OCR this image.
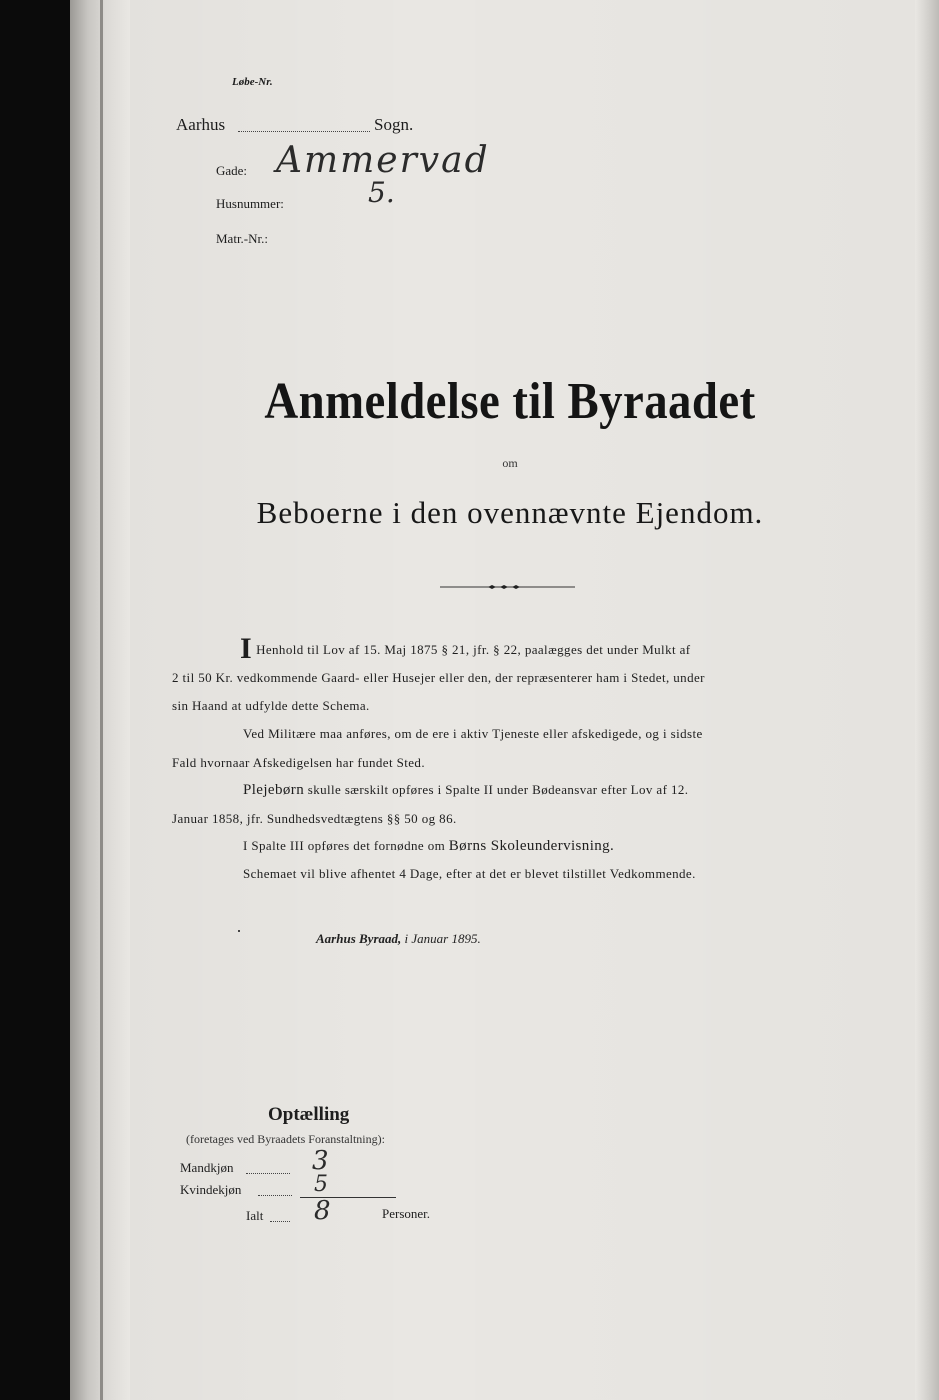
Løbe-Nr.
Aarhus	Sogn.
Gade: Ammervad
Husnummer:	5.
Matr.-Nr.:
Anmeldelse til Byraadet
om
Beboerne i den ovennævnte Ejendom.
I Henhold til Lov af 15. Maj 1875 § 21, jfr. § 22, paalægges det under Mulkt af
2 til 50 Kr. vedkommende Gaard- eller Husejer eller den, der repræsenterer ham i Stedet, under
sin Haand at udfylde dette Schema.
Ved Militære maa anføres, om de ere i aktiv Tjeneste eller afskedigede, og i sidste
Fald hvornaar Afskedigelsen har fundet Sted.
Plejebørn skulle særskilt opføres i Spalte II under Bødeansvar efter Lov af 12.
Januar 1858, jfr. Sundhedsvedtægtens §§ 50 og 86.
I Spalte III opføres det fornødne om Børns Skoleundervisning.
Schemaet vil blive afhentet 4 Dage, efter at det er blevet tilstillet Vedkommende.
Aarhus Byraad, i Januar 1895.
Optælling
(foretages ved Byraadets Foranstaltning):
Mandkjøn	3
Kvindekjøn	5
Ialt 8	Personer.
